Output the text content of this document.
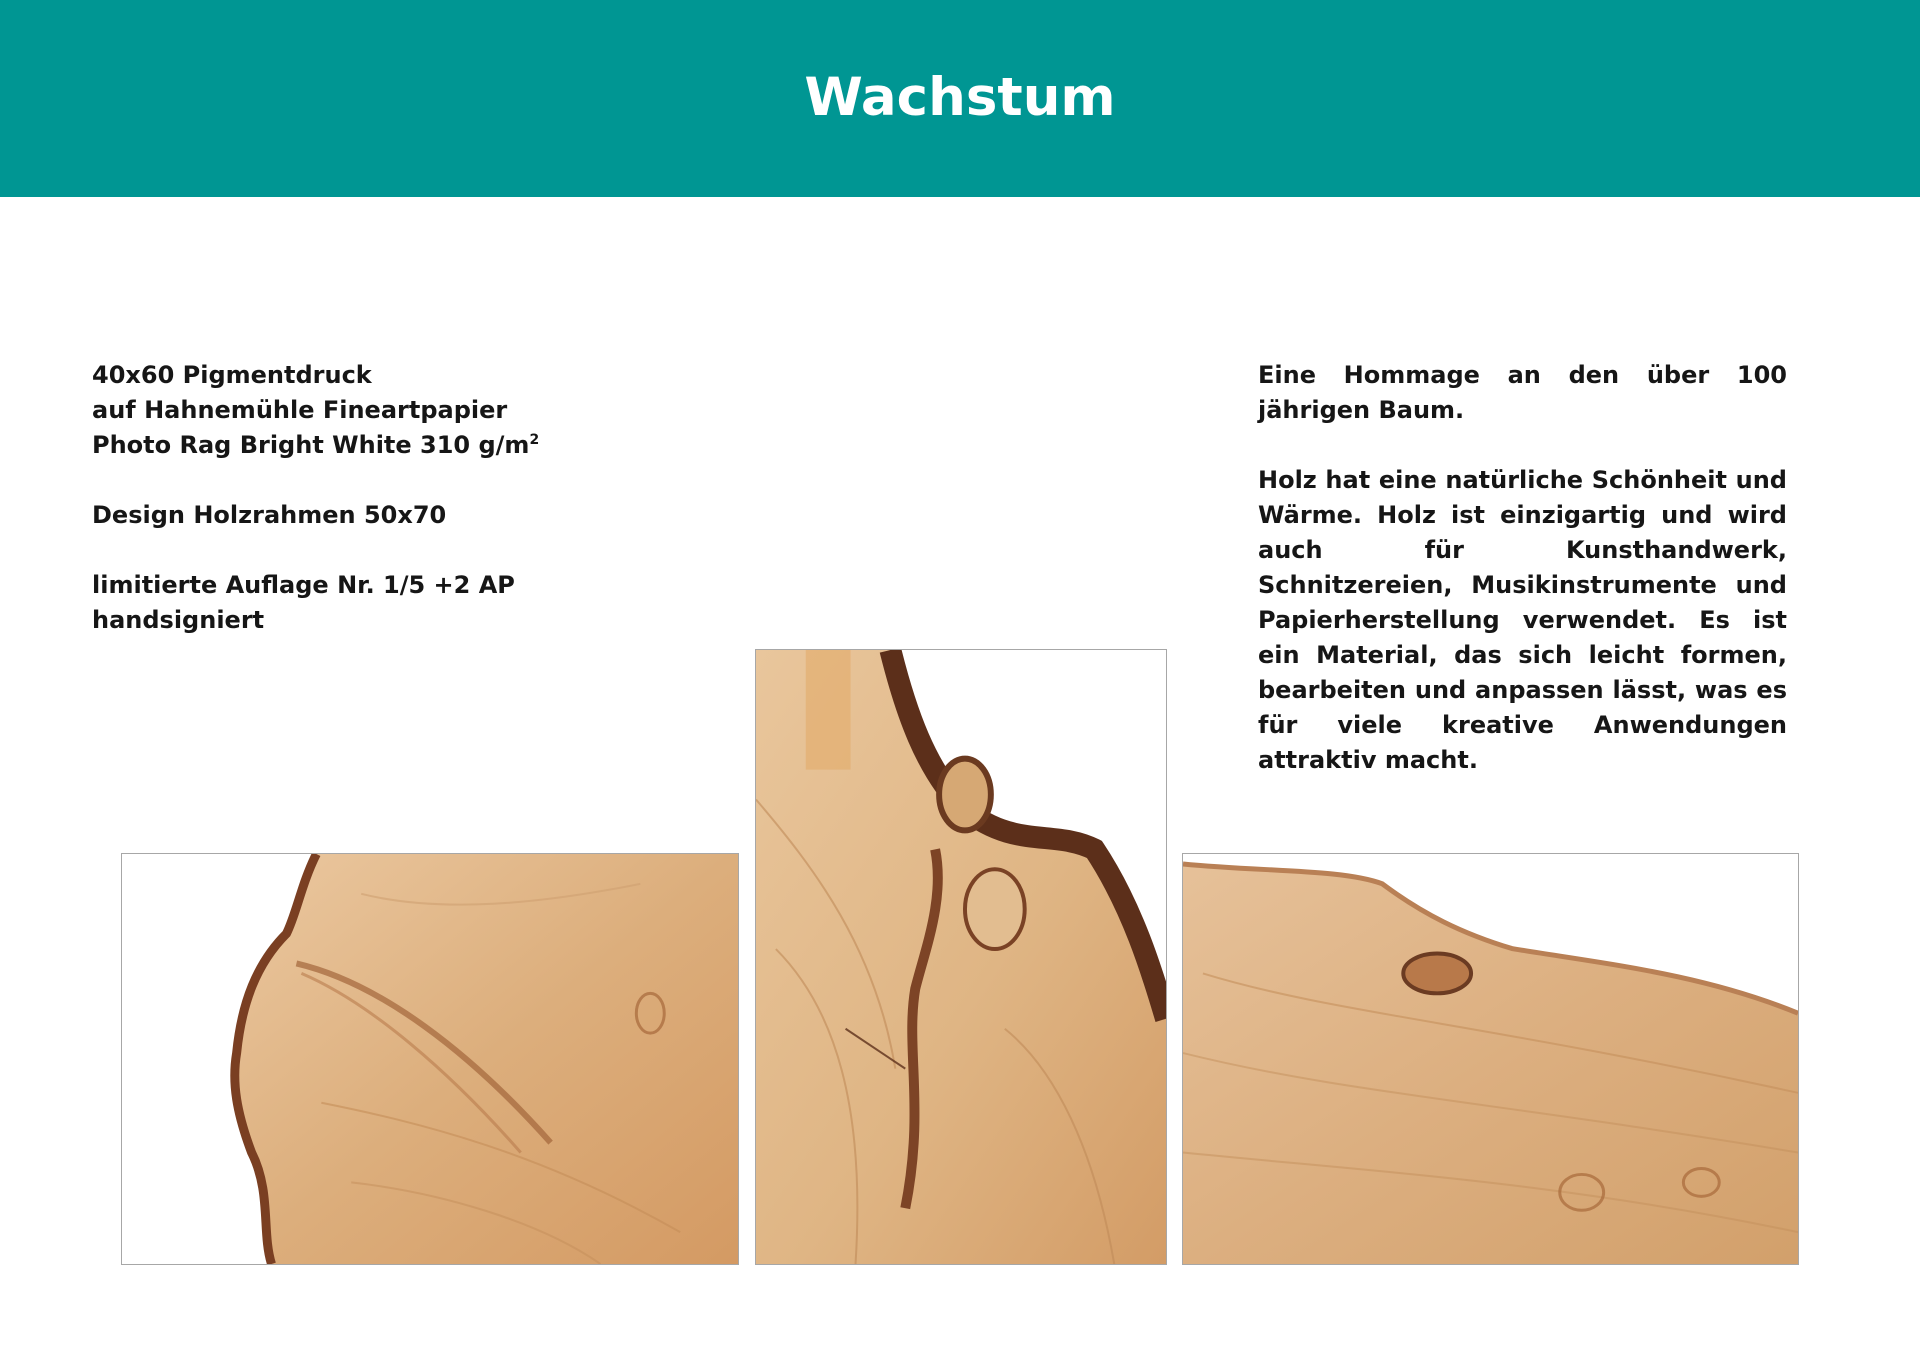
Wachstum

40x60 Pigmentdruck
auf Hahnemühle Fineartpapier
Photo Rag Bright White 310 $g/m^2$

Design Holzrahmen 50x70

limitierte Auflage Nr. 1/5 +2 AP
handsigniert

Eine Hommage an den über 100 jährigen Baum.

Holz hat eine natürliche Schönheit und Wärme. Holz ist einzigartig und wird auch für Kunsthandwerk, Schnitzereien, Musikinstrumente und Papierherstellung verwendet. Es ist ein Material, das sich leicht formen, bearbeiten und anpassen lässt, was es für viele kreative Anwendungen attraktiv macht.
